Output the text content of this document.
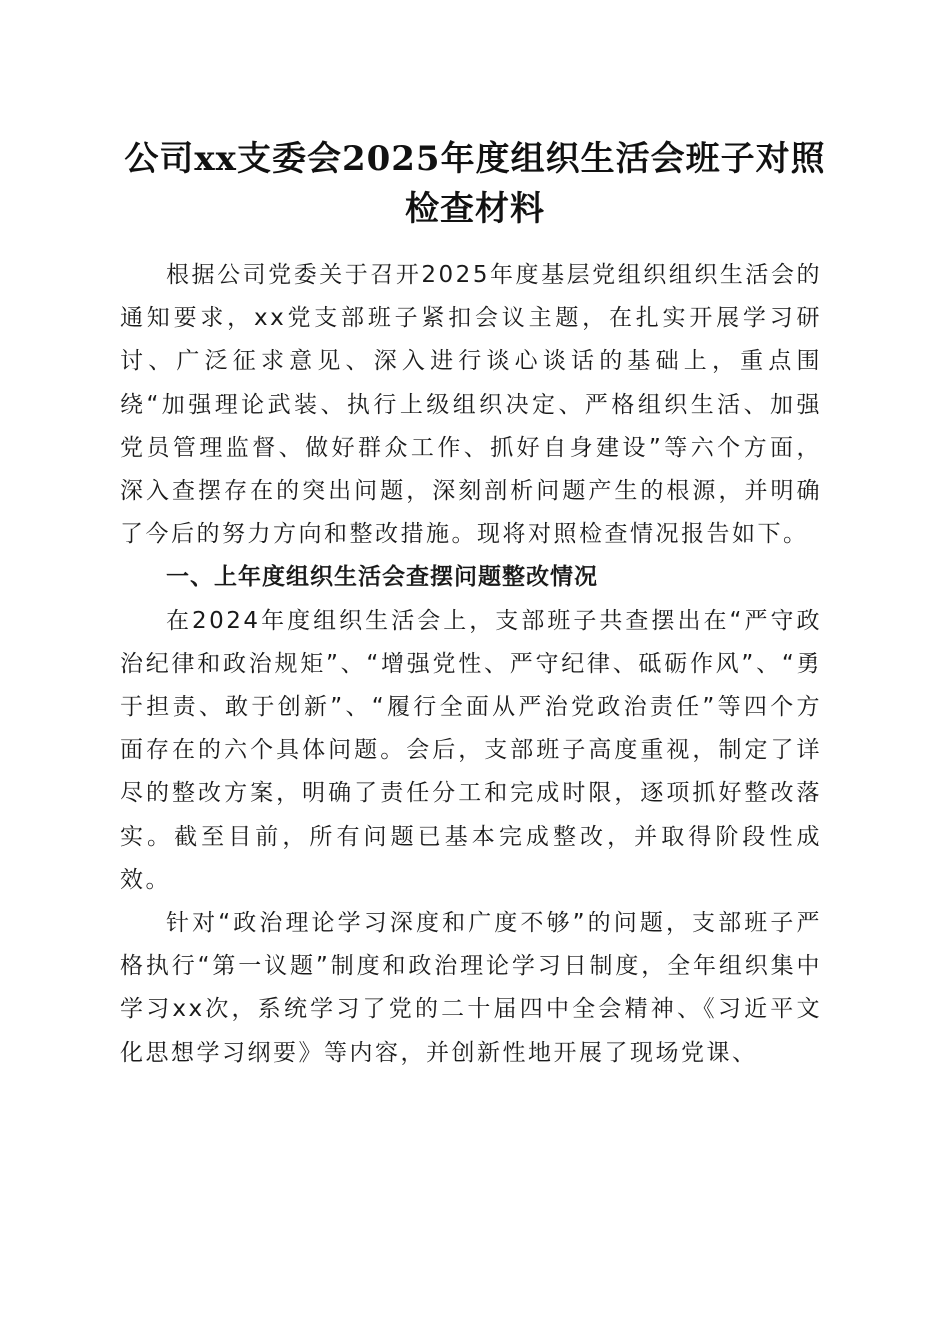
公司xx支委会2025年度组织生活会班子对照
检查材料

根据公司党委关于召开2025年度基层党组织组织生活会的通知要求，xx党支部班子紧扣会议主题，在扎实开展学习研讨、广泛征求意见、深入进行谈心谈话的基础上，重点围绕“加强理论武装、执行上级组织决定、严格组织生活、加强党员管理监督、做好群众工作、抓好自身建设”等六个方面，深入查摆存在的突出问题，深刻剖析问题产生的根源，并明确了今后的努力方向和整改措施。现将对照检查情况报告如下。

一、上年度组织生活会查摆问题整改情况

在2024年度组织生活会上，支部班子共查摆出在“严守政治纪律和政治规矩”、“增强党性、严守纪律、砥砺作风”、“勇于担责、敢于创新”、“履行全面从严治党政治责任”等四个方面存在的六个具体问题。会后，支部班子高度重视，制定了详尽的整改方案，明确了责任分工和完成时限，逐项抓好整改落实。截至目前，所有问题已基本完成整改，并取得阶段性成效。

针对“政治理论学习深度和广度不够”的问题，支部班子严格执行“第一议题”制度和政治理论学习日制度，全年组织集中学习xx次，系统学习了党的二十届四中全会精神、《习近平文化思想学习纲要》等内容，并创新性地开展了现场党课、
